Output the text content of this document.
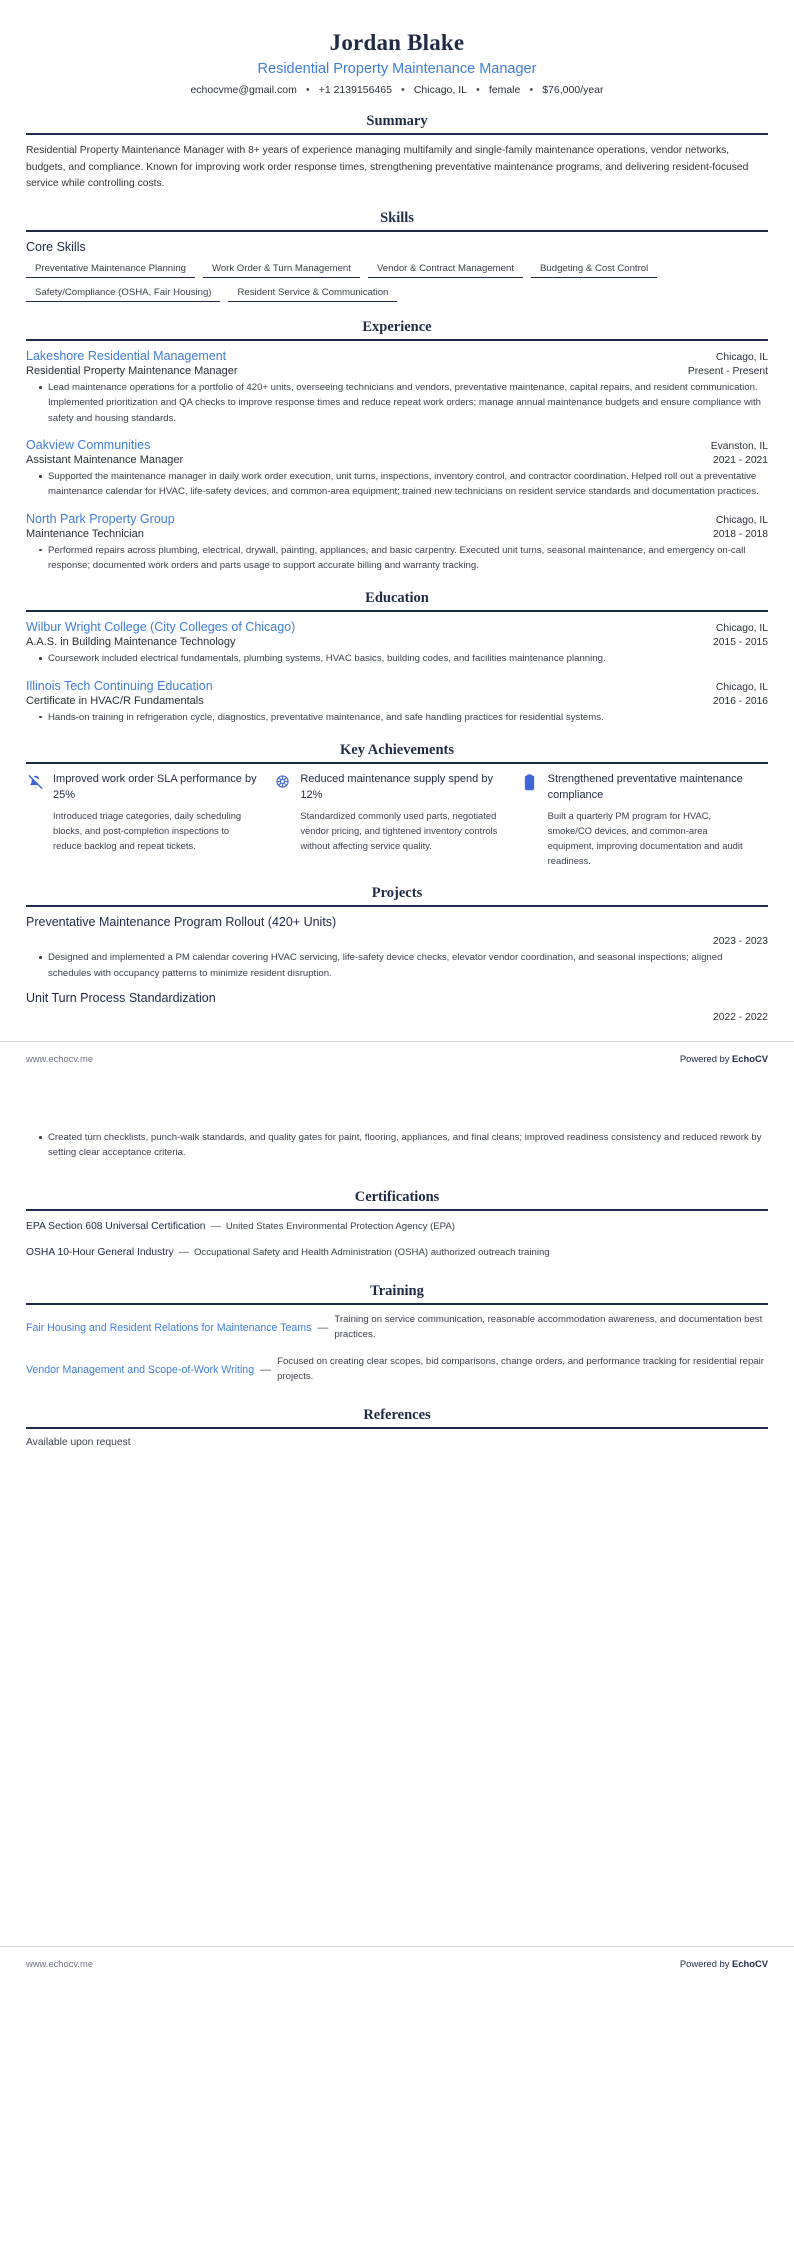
Jordan Blake
Residential Property Maintenance Manager
echocvme@gmail.com • +1 2139156465 • Chicago, IL • female • $76,000/year
Summary
Residential Property Maintenance Manager with 8+ years of experience managing multifamily and single-family maintenance operations, vendor networks, budgets, and compliance. Known for improving work order response times, strengthening preventative maintenance programs, and delivering resident-focused service while controlling costs.
Skills
Core Skills
Preventative Maintenance Planning	Work Order & Turn Management	Vendor & Contract Management	Budgeting & Cost Control
Safety/Compliance (OSHA, Fair Housing)	Resident Service & Communication
Experience
Lakeshore Residential Management	Chicago, IL
Residential Property Maintenance Manager	Present - Present
Lead maintenance operations for a portfolio of 420+ units, overseeing technicians and vendors, preventative maintenance, capital repairs, and resident communication. Implemented prioritization and QA checks to improve response times and reduce repeat work orders; manage annual maintenance budgets and ensure compliance with safety and housing standards.
Oakview Communities	Evanston, IL
Assistant Maintenance Manager	2021 - 2021
Supported the maintenance manager in daily work order execution, unit turns, inspections, inventory control, and contractor coordination. Helped roll out a preventative maintenance calendar for HVAC, life-safety devices, and common-area equipment; trained new technicians on resident service standards and documentation practices.
North Park Property Group	Chicago, IL
Maintenance Technician	2018 - 2018
Performed repairs across plumbing, electrical, drywall, painting, appliances, and basic carpentry. Executed unit turns, seasonal maintenance, and emergency on-call response; documented work orders and parts usage to support accurate billing and warranty tracking.
Education
Wilbur Wright College (City Colleges of Chicago)	Chicago, IL
A.A.S. in Building Maintenance Technology	2015 - 2015
Coursework included electrical fundamentals, plumbing systems, HVAC basics, building codes, and facilities maintenance planning.
Illinois Tech Continuing Education	Chicago, IL
Certificate in HVAC/R Fundamentals	2016 - 2016
Hands-on training in refrigeration cycle, diagnostics, preventative maintenance, and safe handling practices for residential systems.
Key Achievements
Improved work order SLA performance by 25%
Introduced triage categories, daily scheduling blocks, and post-completion inspections to reduce backlog and repeat tickets.
Reduced maintenance supply spend by 12%
Standardized commonly used parts, negotiated vendor pricing, and tightened inventory controls without affecting service quality.
Strengthened preventative maintenance compliance
Built a quarterly PM program for HVAC, smoke/CO devices, and common-area equipment, improving documentation and audit readiness.
Projects
Preventative Maintenance Program Rollout (420+ Units)
2023 - 2023
Designed and implemented a PM calendar covering HVAC servicing, life-safety device checks, elevator vendor coordination, and seasonal inspections; aligned schedules with occupancy patterns to minimize resident disruption.
Unit Turn Process Standardization
2022 - 2022
www.echocv.me	Powered by EchoCV
Created turn checklists, punch-walk standards, and quality gates for paint, flooring, appliances, and final cleans; improved readiness consistency and reduced rework by setting clear acceptance criteria.
Certifications
EPA Section 608 Universal Certification — United States Environmental Protection Agency (EPA)
OSHA 10-Hour General Industry — Occupational Safety and Health Administration (OSHA) authorized outreach training
Training
Fair Housing and Resident Relations for Maintenance Teams —
Training on service communication, reasonable accommodation awareness, and documentation best practices.
Vendor Management and Scope-of-Work Writing —
Focused on creating clear scopes, bid comparisons, change orders, and performance tracking for residential repair projects.
References
Available upon request
www.echocv.me	Powered by EchoCV
